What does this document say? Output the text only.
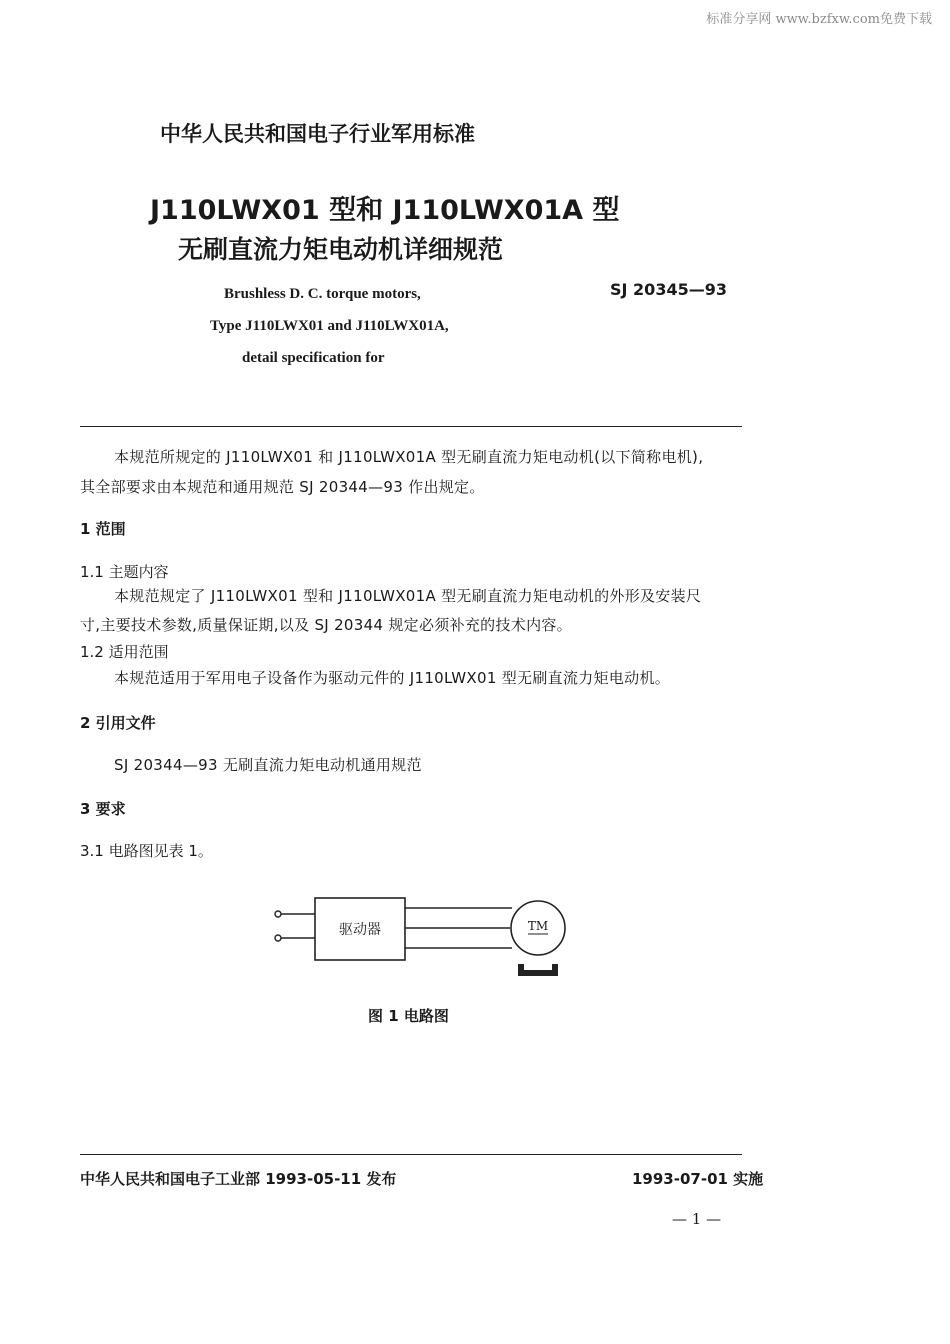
标准分享网 www.bzfxw.com免费下载
中华人民共和国电子行业军用标准
J110LWX01 型和 J110LWX01A 型
无刷直流力矩电动机详细规范
Brushless D. C. torque motors,
Type J110LWX01 and J110LWX01A,
detail specification for
SJ 20345—93
本规范所规定的 J110LWX01 和 J110LWX01A 型无刷直流力矩电动机(以下简称电机),
其全部要求由本规范和通用规范 SJ 20344—93 作出规定。
1 范围
1.1 主题内容
本规范规定了 J110LWX01 型和 J110LWX01A 型无刷直流力矩电动机的外形及安装尺
寸,主要技术参数,质量保证期,以及 SJ 20344 规定必须补充的技术内容。
1.2 适用范围
本规范适用于军用电子设备作为驱动元件的 J110LWX01 型无刷直流力矩电动机。
2 引用文件
SJ 20344—93 无刷直流力矩电动机通用规范
3 要求
3.1 电路图见表 1。
驱动器	TM
图 1 电路图
中华人民共和国电子工业部 1993-05-11 发布	1993-07-01 实施
— 1 —
